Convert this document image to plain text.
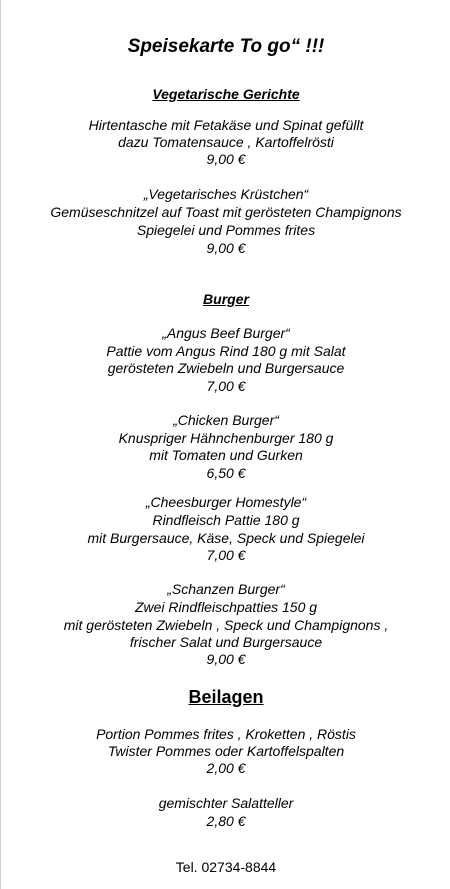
Speisekarte To go“ !!!
Vegetarische Gerichte
Hirtentasche mit Fetakäse und Spinat gefüllt
dazu Tomatensauce , Kartoffelrösti
9,00 €
„Vegetarisches Krüstchen“
Gemüseschnitzel auf Toast mit gerösteten Champignons
Spiegelei und Pommes frites
9,00 €
Burger
„Angus Beef Burger“
Pattie vom Angus Rind 180 g mit Salat
gerösteten Zwiebeln und Burgersauce
7,00 €
„Chicken Burger“
Knuspriger Hähnchenburger 180 g
mit Tomaten und Gurken
6,50 €
„Cheesburger Homestyle“
Rindfleisch Pattie 180 g
mit Burgersauce, Käse, Speck und Spiegelei
7,00 €
„Schanzen Burger“
Zwei Rindfleischpatties 150 g
mit gerösteten Zwiebeln , Speck und Champignons ,
frischer Salat und Burgersauce
9,00 €
Beilagen
Portion Pommes frites , Kroketten , Röstis
Twister Pommes oder Kartoffelspalten
2,00 €
gemischter Salatteller
2,80 €
Tel. 02734-8844
